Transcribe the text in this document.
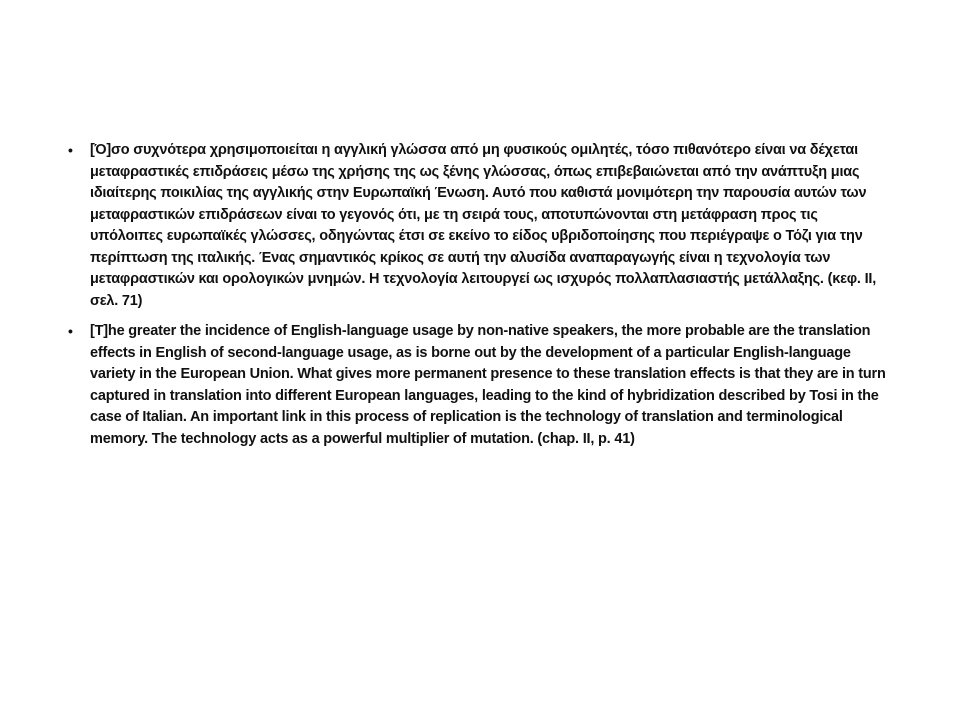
• [Ό]σο συχνότερα χρησιμοποιείται η αγγλική γλώσσα από μη φυσικούς ομιλητές, τόσο πιθανότερο είναι να δέχεται μεταφραστικές επιδράσεις μέσω της χρήσης της ως ξένης γλώσσας, όπως επιβεβαιώνεται από την ανάπτυξη μιας ιδιαίτερης ποικιλίας της αγγλικής στην Ευρωπαϊκή Ένωση. Αυτό που καθιστά μονιμότερη την παρουσία αυτών των μεταφραστικών επιδράσεων είναι το γεγονός ότι, με τη σειρά τους, αποτυπώνονται στη μετάφραση προς τις υπόλοιπες ευρωπαϊκές γλώσσες, οδηγώντας έτσι σε εκείνο το είδος υβριδοποίησης που περιέγραψε ο Τόζι για την περίπτωση της ιταλικής. Ένας σημαντικός κρίκος σε αυτή την αλυσίδα αναπαραγωγής είναι η τεχνολογία των μεταφραστικών και ορολογικών μνημών. Η τεχνολογία λειτουργεί ως ισχυρός πολλαπλασιαστής μετάλλαξης. (κεφ. ΙΙ, σελ. 71)
• [T]he greater the incidence of English-language usage by non-native speakers, the more probable are the translation effects in English of second-language usage, as is borne out by the development of a particular English-language variety in the European Union. What gives more permanent presence to these translation effects is that they are in turn captured in translation into different European languages, leading to the kind of hybridization described by Tosi in the case of Italian. An important link in this process of replication is the technology of translation and terminological memory. The technology acts as a powerful multiplier of mutation. (chap. II, p. 41)
